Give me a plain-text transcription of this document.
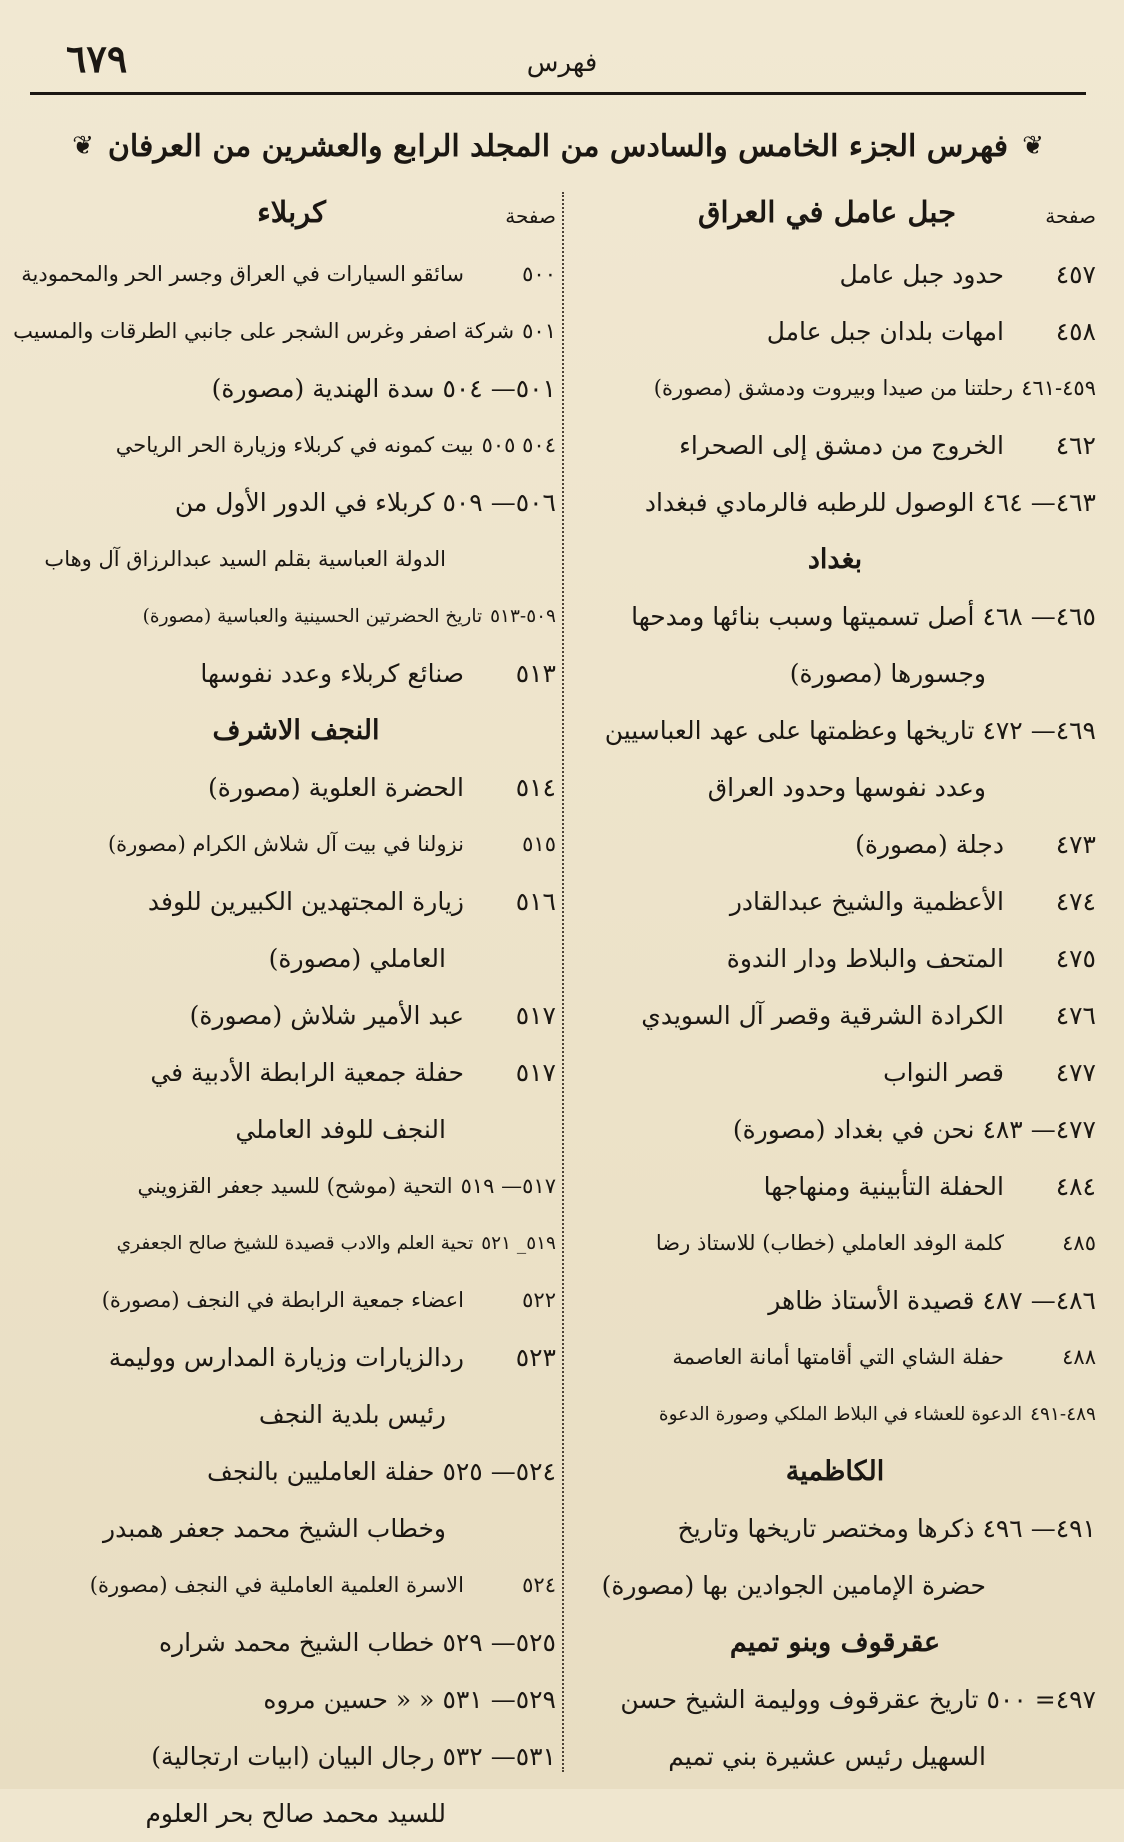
٦٧٩	فهرس
❦
فهرس الجزء الخامس والسادس من المجلد الرابع والعشرين من العرفان
❦
صفحة
جبل عامل في العراق
٤٥٧
حدود جبل عامل
٤٥٨
امهات بلدان جبل عامل
٤٥٩-٤٦١
رحلتنا من صيدا وبيروت ودمشق (مصورة)
٤٦٢
الخروج من دمشق إلى الصحراء
٤٦٣— ٤٦٤
الوصول للرطبه فالرمادي فبغداد
بغداد
٤٦٥— ٤٦٨
أصل تسميتها وسبب بنائها ومدحها
وجسورها (مصورة)
٤٦٩— ٤٧٢
تاريخها وعظمتها على عهد العباسيين
وعدد نفوسها وحدود العراق
٤٧٣
دجلة (مصورة)
٤٧٤
الأعظمية والشيخ عبدالقادر
٤٧٥
المتحف والبلاط ودار الندوة
٤٧٦
الكرادة الشرقية وقصر آل السويدي
٤٧٧
قصر النواب
٤٧٧— ٤٨٣
نحن في بغداد (مصورة)
٤٨٤
الحفلة التأبينية ومنهاجها
٤٨٥
كلمة الوفد العاملي (خطاب) للاستاذ رضا
٤٨٦— ٤٨٧
قصيدة الأستاذ ظاهر
٤٨٨
حفلة الشاي التي أقامتها أمانة العاصمة
٤٨٩-٤٩١
الدعوة للعشاء في البلاط الملكي وصورة الدعوة
الكاظمية
٤٩١— ٤٩٦
ذكرها ومختصر تاريخها وتاريخ
حضرة الإمامين الجوادين بها (مصورة)
عقرقوف وبنو تميم
٤٩٧= ٥٠٠
تاريخ عقرقوف ووليمة الشيخ حسن
السهيل رئيس عشيرة بني تميم
صفحة
كربلاء
٥٠٠
سائقو السيارات في العراق وجسر الحر والمحمودية
٥٠١
شركة اصفر وغرس الشجر على جانبي الطرقات والمسيب
٥٠١— ٥٠٤
سدة الهندية (مصورة)
٥٠٤ ٥٠٥
بيت كمونه في كربلاء وزيارة الحر الرياحي
٥٠٦— ٥٠٩
كربلاء في الدور الأول من
الدولة العباسية بقلم السيد عبدالرزاق آل وهاب
٥٠٩-٥١٣
تاريخ الحضرتين الحسينية والعباسية (مصورة)
٥١٣
صنائع كربلاء وعدد نفوسها
النجف الاشرف
٥١٤
الحضرة العلوية (مصورة)
٥١٥
نزولنا في بيت آل شلاش الكرام (مصورة)
٥١٦
زيارة المجتهدين الكبيرين للوفد
العاملي (مصورة)
٥١٧
عبد الأمير شلاش (مصورة)
٥١٧
حفلة جمعية الرابطة الأدبية في
النجف للوفد العاملي
٥١٧— ٥١٩
التحية (موشح) للسيد جعفر القزويني
٥١٩_ ٥٢١
تحية العلم والادب قصيدة للشيخ صالح الجعفري
٥٢٢
اعضاء جمعية الرابطة في النجف (مصورة)
٥٢٣
ردالزيارات وزيارة المدارس ووليمة
رئيس بلدية النجف
٥٢٤— ٥٢٥
حفلة العامليين بالنجف
وخطاب الشيخ محمد جعفر همبدر
٥٢٤
الاسرة العلمية العاملية في النجف (مصورة)
٥٢٥— ٥٢٩
خطاب الشيخ محمد شراره
٥٢٩— ٥٣١
« « حسين مروه
٥٣١— ٥٣٢
رجال البيان (ابيات ارتجالية)
للسيد محمد صالح بحر العلوم
